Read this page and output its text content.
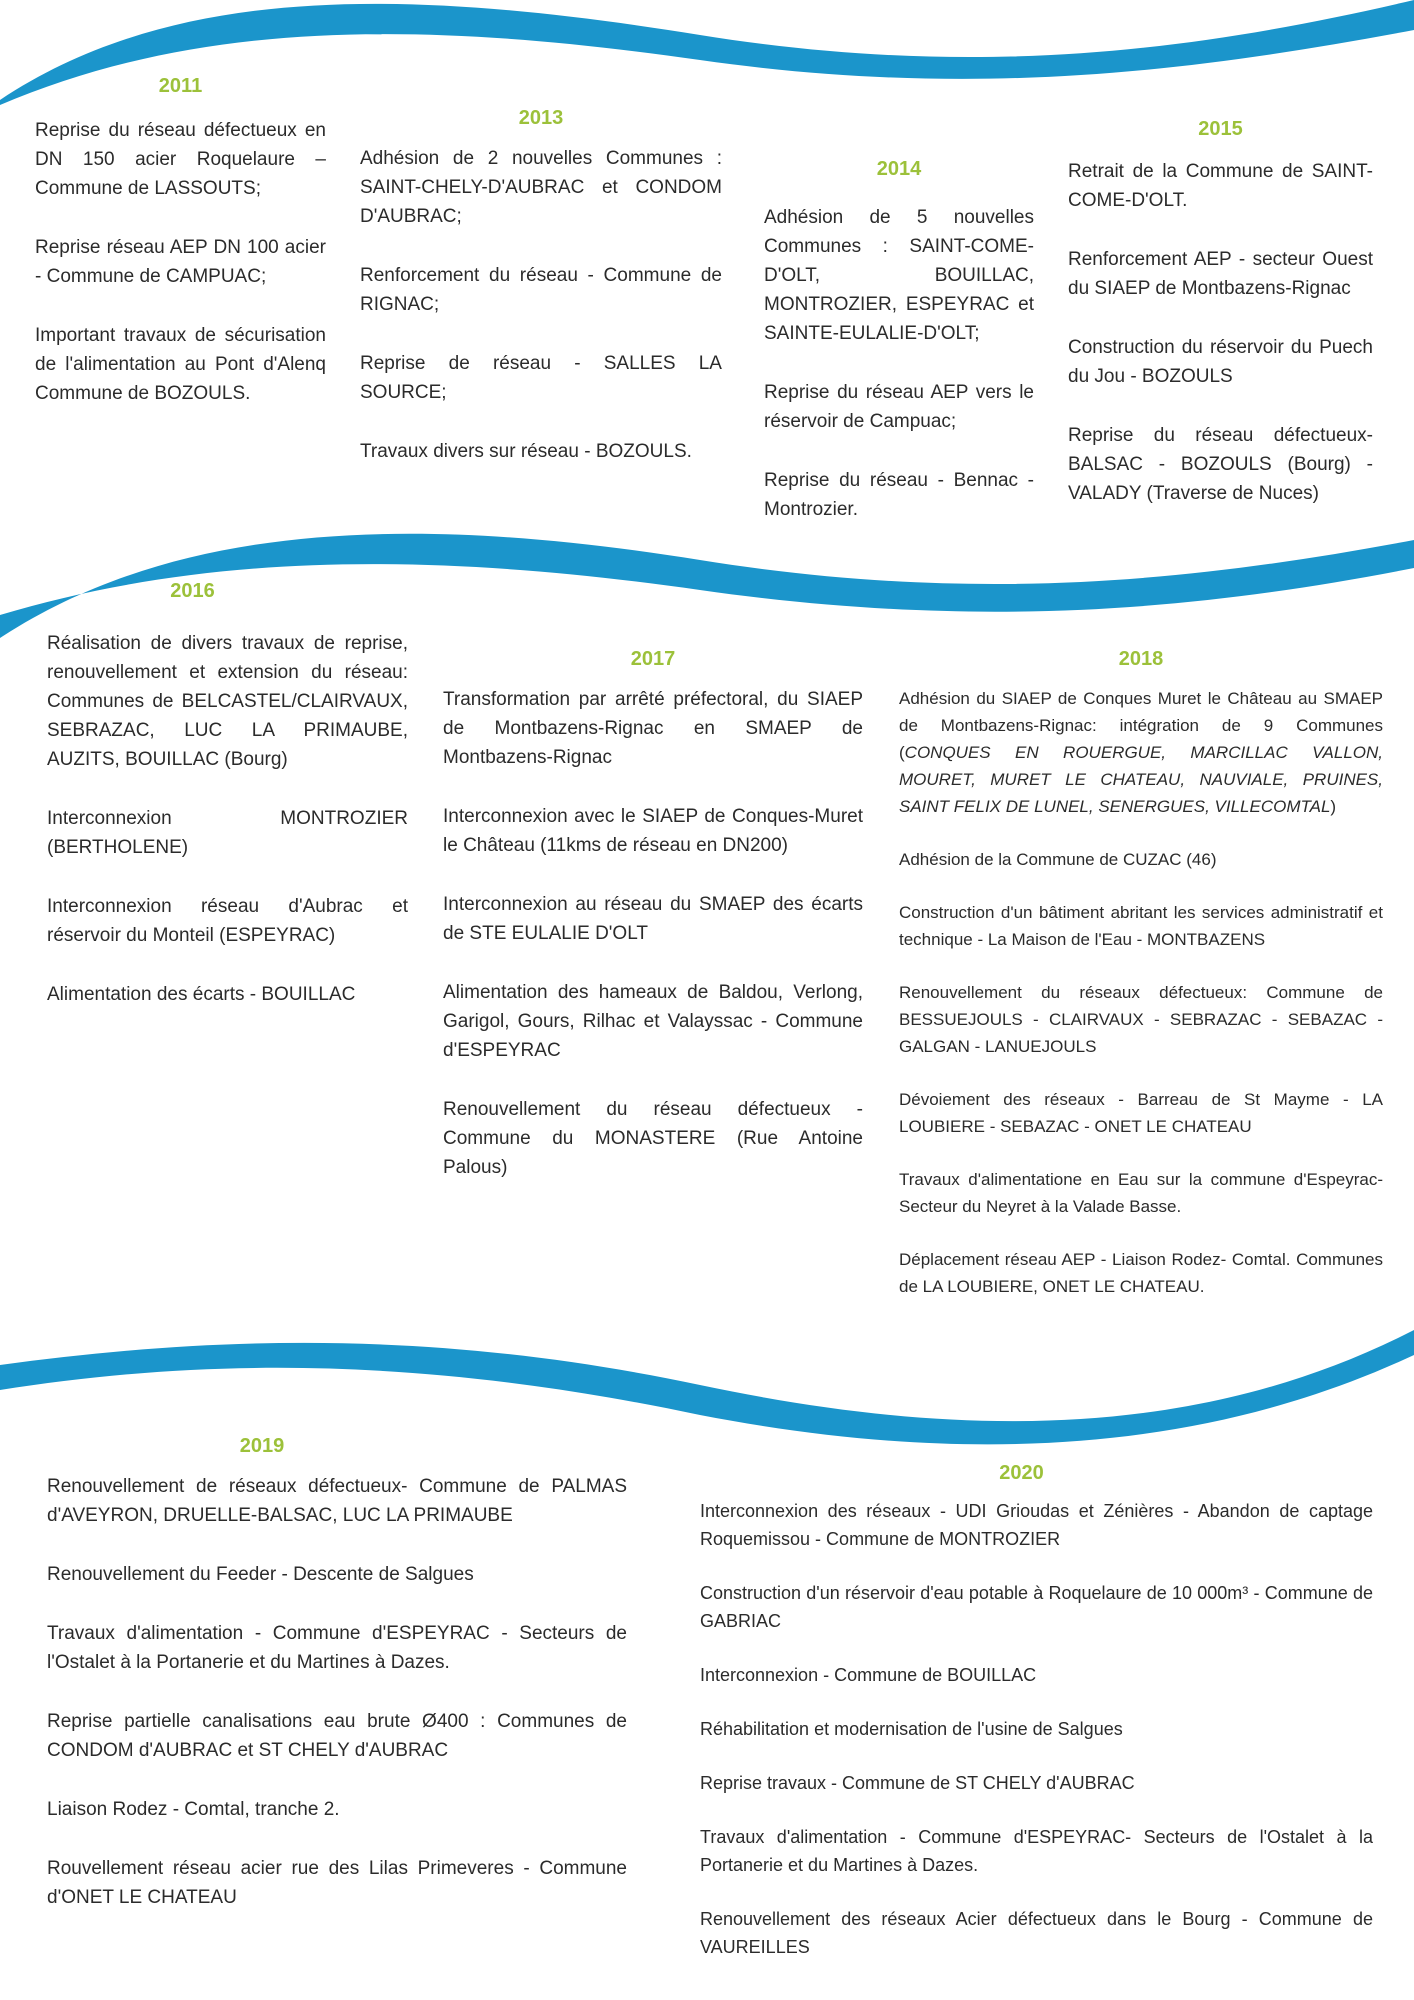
2011

Reprise du réseau défectueux en DN 150 acier Roquelaure – Commune de LASSOUTS;

Reprise réseau AEP DN 100 acier - Commune de CAMPUAC;

Important travaux de sécurisation de l'alimentation au Pont d'Alenq Commune de BOZOULS.

2013

Adhésion de 2 nouvelles Communes : SAINT-CHELY-D'AUBRAC et CONDOM D'AUBRAC;

Renforcement du réseau - Commune de RIGNAC;

Reprise de réseau - SALLES LA SOURCE;

Travaux divers sur réseau - BOZOULS.

2014

Adhésion de 5 nouvelles Communes : SAINT-COME-D'OLT, BOUILLAC, MONTROZIER, ESPEYRAC et SAINTE-EULALIE-D'OLT;

Reprise du réseau AEP vers le réservoir de Campuac;

Reprise du réseau - Bennac - Montrozier.

2015

Retrait de la Commune de SAINT-COME-D'OLT.

Renforcement AEP - secteur Ouest du SIAEP de Montbazens-Rignac

Construction du réservoir du Puech du Jou - BOZOULS

Reprise du réseau défectueux- BALSAC - BOZOULS (Bourg) - VALADY (Traverse de Nuces)

2016

Réalisation de divers travaux de reprise, renouvellement et extension du réseau: Communes de BELCASTEL/CLAIRVAUX, SEBRAZAC, LUC LA PRIMAUBE, AUZITS, BOUILLAC (Bourg)

Interconnexion MONTROZIER (BERTHOLENE)

Interconnexion réseau d'Aubrac et réservoir du Monteil (ESPEYRAC)

Alimentation des écarts - BOUILLAC

2017

Transformation par arrêté préfectoral, du SIAEP de Montbazens-Rignac en SMAEP de Montbazens-Rignac

Interconnexion avec le SIAEP de Conques-Muret le Château (11kms de réseau en DN200)

Interconnexion au réseau du SMAEP des écarts de STE EULALIE D'OLT

Alimentation des hameaux de Baldou, Verlong, Garigol, Gours, Rilhac et Valayssac - Commune d'ESPEYRAC

Renouvellement du réseau défectueux - Commune du MONASTERE (Rue Antoine Palous)

2018

Adhésion du SIAEP de Conques Muret le Château au SMAEP de Montbazens-Rignac: intégration de 9 Communes (CONQUES EN ROUERGUE, MARCILLAC VALLON, MOURET, MURET LE CHATEAU, NAUVIALE, PRUINES, SAINT FELIX DE LUNEL, SENERGUES, VILLECOMTAL)

Adhésion de la Commune de CUZAC (46)

Construction d'un bâtiment abritant les services administratif et technique - La Maison de l'Eau - MONTBAZENS

Renouvellement du réseaux défectueux: Commune de BESSUEJOULS - CLAIRVAUX - SEBRAZAC - SEBAZAC - GALGAN - LANUEJOULS

Dévoiement des réseaux - Barreau de St Mayme - LA LOUBIERE - SEBAZAC - ONET LE CHATEAU

Travaux d'alimentatione en Eau sur la commune d'Espeyrac- Secteur du Neyret à la Valade Basse.

Déplacement réseau AEP - Liaison Rodez- Comtal. Communes de LA LOUBIERE, ONET LE CHATEAU.

2019

Renouvellement de réseaux défectueux- Commune de PALMAS d'AVEYRON, DRUELLE-BALSAC, LUC LA PRIMAUBE

Renouvellement du Feeder - Descente de Salgues

Travaux d'alimentation - Commune d'ESPEYRAC - Secteurs de l'Ostalet à la Portanerie et du Martines à Dazes.

Reprise partielle canalisations eau brute Ø400 : Communes de CONDOM d'AUBRAC et ST CHELY d'AUBRAC

Liaison Rodez - Comtal, tranche 2.

Rouvellement réseau acier rue des Lilas Primeveres - Commune d'ONET LE CHATEAU

2020

Interconnexion des réseaux - UDI Grioudas et Zénières - Abandon de captage Roquemissou - Commune de MONTROZIER

Construction d'un réservoir d'eau potable à Roquelaure de 10 000m³ - Commune de GABRIAC

Interconnexion - Commune de BOUILLAC

Réhabilitation et modernisation de l'usine de Salgues

Reprise travaux - Commune de ST CHELY d'AUBRAC

Travaux d'alimentation - Commune d'ESPEYRAC- Secteurs de l'Ostalet à la Portanerie et du Martines à Dazes.

Renouvellement des réseaux Acier défectueux dans le Bourg - Commune de VAUREILLES
